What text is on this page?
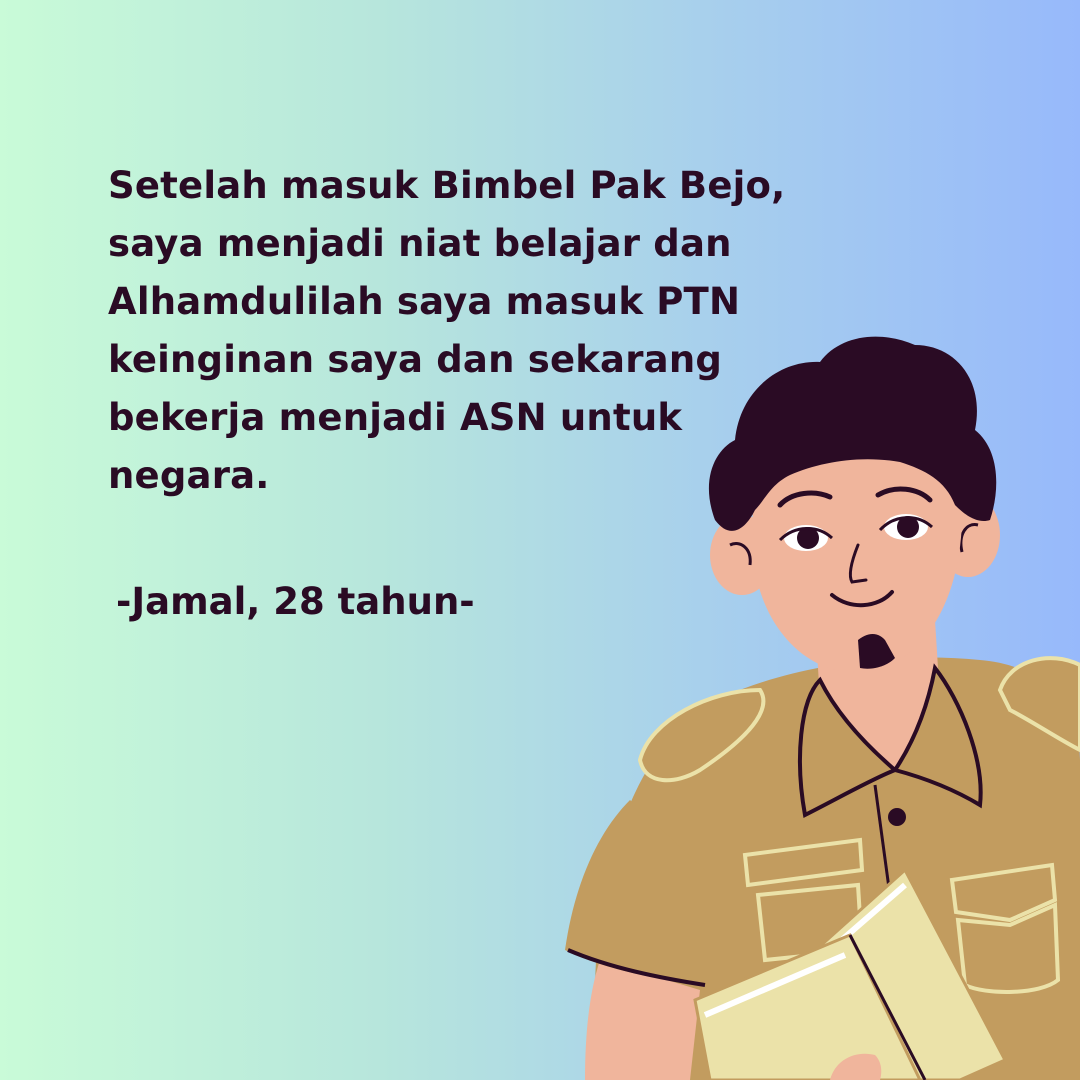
Setelah masuk Bimbel Pak Bejo,
saya menjadi niat belajar dan
Alhamdulilah saya masuk PTN
keinginan saya dan sekarang
bekerja menjadi ASN untuk
negara.

-Jamal, 28 tahun-
